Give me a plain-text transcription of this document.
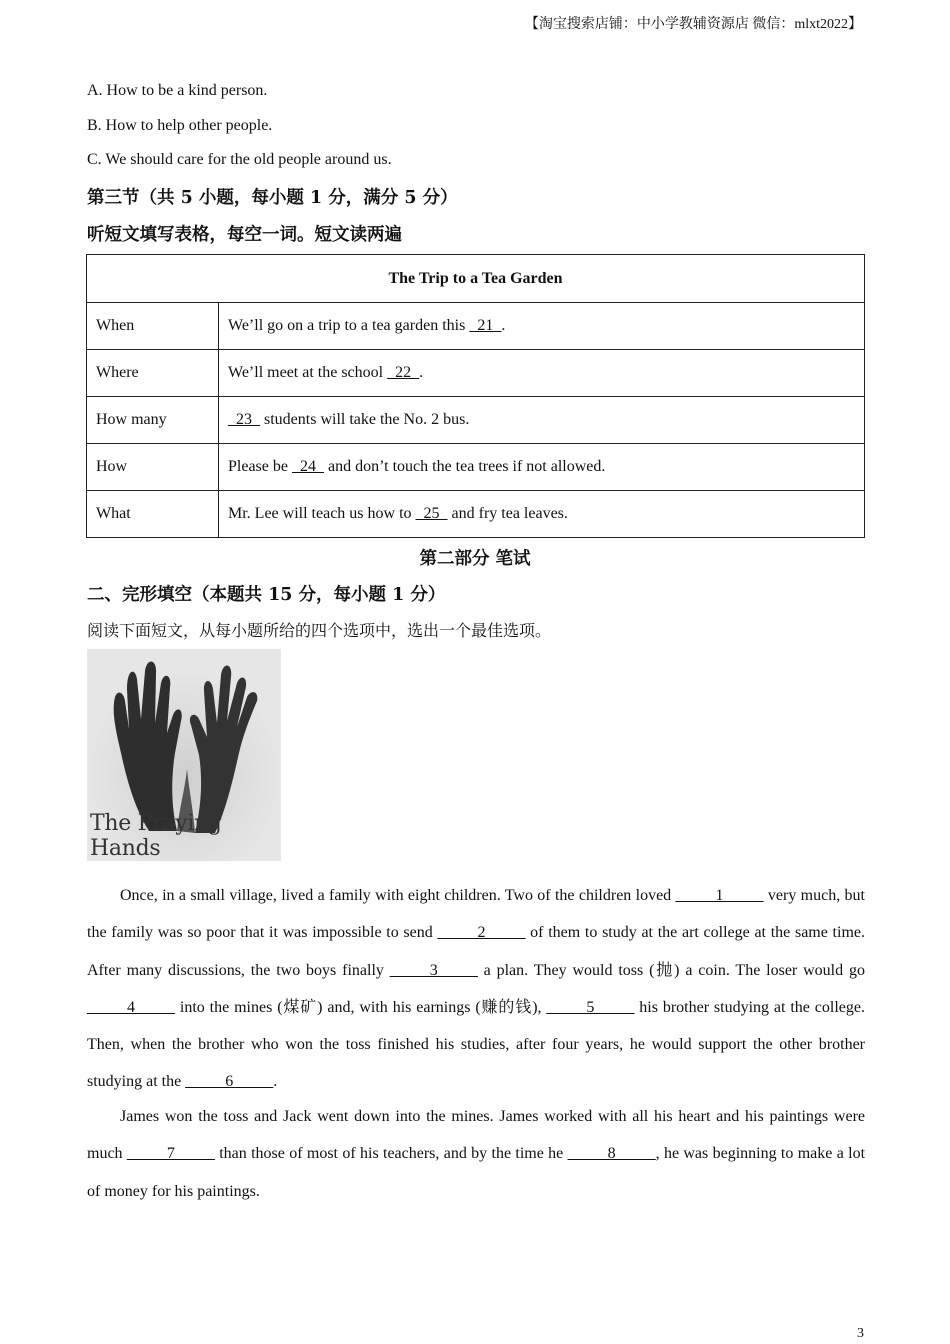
【淘宝搜索店铺：中小学教辅资源店 微信：mlxt2022】
A. How to be a kind person.
B. How to help other people.
C. We should care for the old people around us.
第三节（共 5 小题，每小题 1 分，满分 5 分）
听短文填写表格，每空一词。短文读两遍
The Trip to a Tea Garden	
When	We’ll go on a trip to a tea garden this   21  .
Where	We’ll meet at the school   22  .
How many	23   students will take the No. 2 bus.
How	Please be   24   and don’t touch the tea trees if not allowed.
What	Mr. Lee will teach us how to   25   and fry tea leaves.
第二部分 笔试
二、完形填空（本题共 15 分，每小题 1 分）
阅读下面短文，从每小题所给的四个选项中，选出一个最佳选项。
The Praying Hands

Once, in a small village, lived a family with eight children. Two of the children loved _____1_____ very much, but the family was so poor that it was impossible to send _____2_____ of them to study at the art college at the same time. After many discussions, the two boys finally _____3_____ a plan. They would toss (抛) a coin. The loser would go _____4_____ into the mines (煤矿) and, with his earnings (赚的钱), _____5_____ his brother studying at the college. Then, when the brother who won the toss finished his studies, after four years, he would support the other brother studying at the _____6_____.

James won the toss and Jack went down into the mines. James worked with all his heart and his paintings were much _____7_____ than those of most of his teachers, and by the time he _____8_____, he was beginning to make a lot of money for his paintings.

3
